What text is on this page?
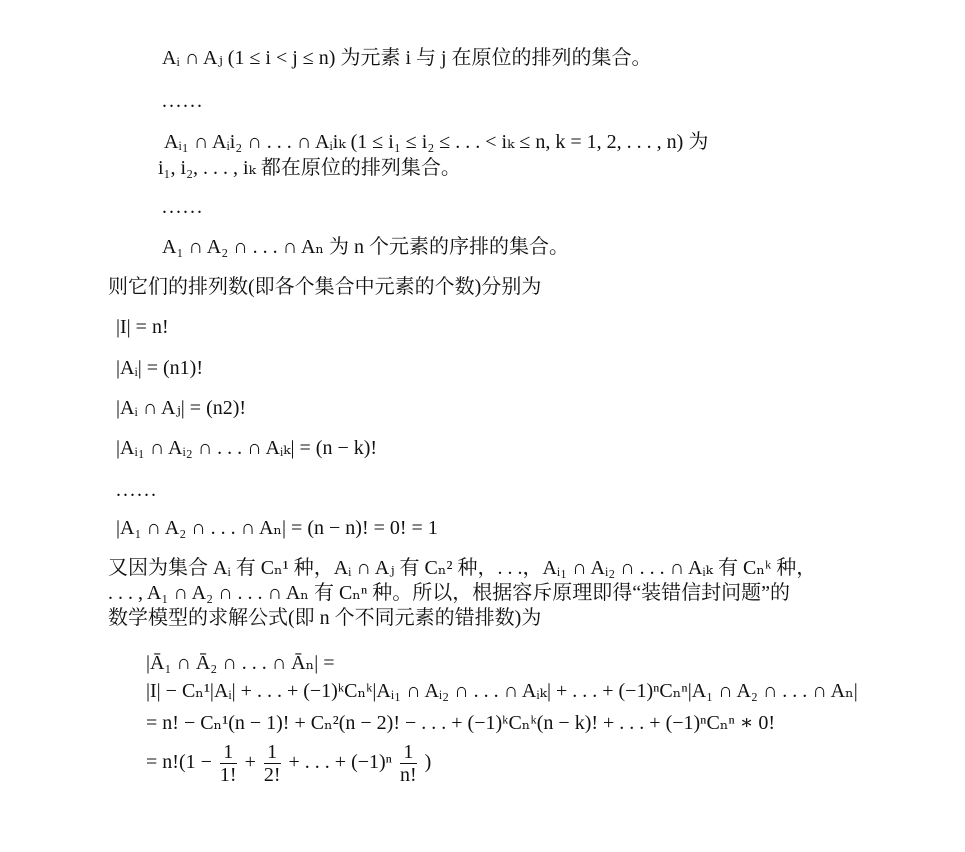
Aᵢ ∩ Aⱼ (1 ≤ i < j ≤ n) 为元素 i 与 j 在原位的排列的集合。
......
Aᵢ₁ ∩ Aᵢi₂ ∩ . . . ∩ Aᵢiₖ (1 ≤ i₁ ≤ i₂ ≤ . . . < iₖ ≤ n, k = 1, 2, . . . , n) 为
i₁, i₂, . . . , iₖ 都在原位的排列集合。
......
A₁ ∩ A₂ ∩ . . . ∩ Aₙ 为 n 个元素的序排的集合。
则它们的排列数(即各个集合中元素的个数)分别为
|I| = n!
|Aᵢ| = (n1)!
|Aᵢ ∩ Aⱼ| = (n2)!
|Aᵢ₁ ∩ Aᵢ₂ ∩ . . . ∩ Aᵢₖ| = (n − k)!
......
|A₁ ∩ A₂ ∩ . . . ∩ Aₙ| = (n − n)! = 0! = 1
又因为集合 Aᵢ 有 Cₙ¹ 种，Aᵢ ∩ Aⱼ 有 Cₙ² 种，. . .，Aᵢ₁ ∩ Aᵢ₂ ∩ . . . ∩ Aᵢₖ 有 Cₙᵏ 种，
. . . , A₁ ∩ A₂ ∩ . . . ∩ Aₙ 有 Cₙⁿ 种。所以，根据容斥原理即得“装错信封问题”的
数学模型的求解公式(即 n 个不同元素的错排数)为
|Ā₁ ∩ Ā₂ ∩ . . . ∩ Āₙ| =
|I| − Cₙ¹|Aᵢ| + . . . + (−1)ᵏCₙᵏ|Aᵢ₁ ∩ Aᵢ₂ ∩ . . . ∩ Aᵢₖ| + . . . + (−1)ⁿCₙⁿ|A₁ ∩ A₂ ∩ . . . ∩ Aₙ|
= n! − Cₙ¹(n − 1)! + Cₙ²(n − 2)! − . . . + (−1)ᵏCₙᵏ(n − k)! + . . . + (−1)ⁿCₙⁿ ∗ 0!
= $n!(1 - \frac{1}{1!} + \frac{1}{2!}$ + . . . + $(-1)^n \frac{1}{n!}$ )
